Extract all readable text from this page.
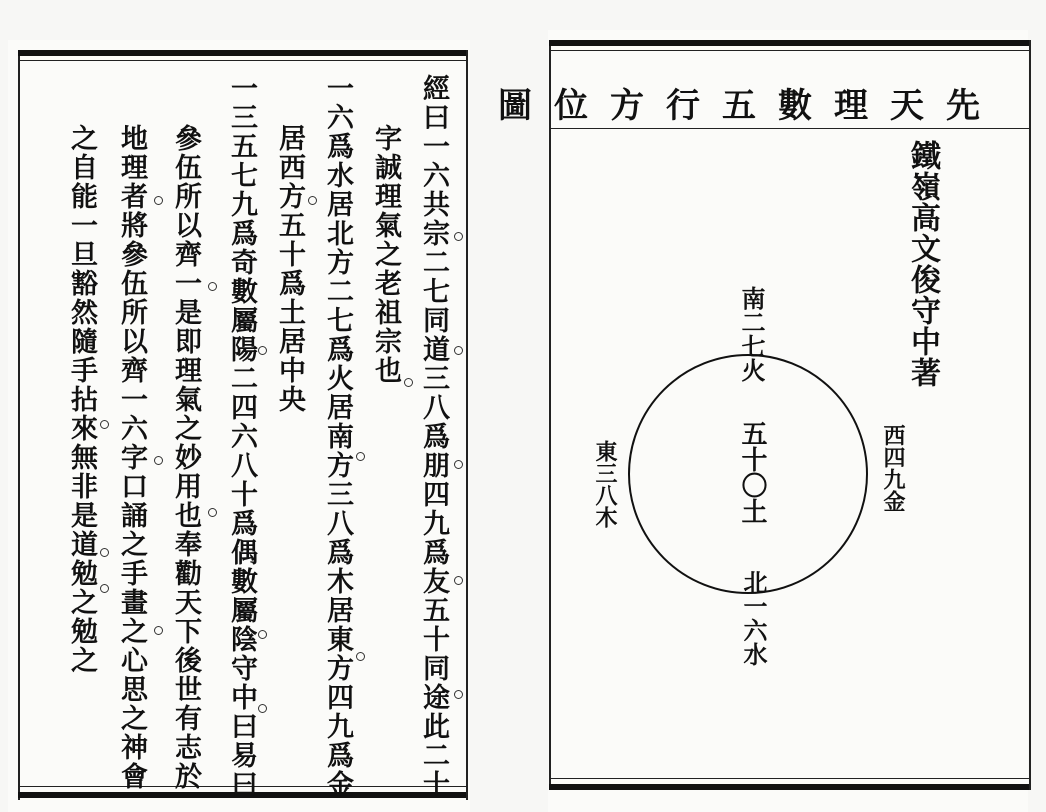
經曰一六共宗二七同道三八爲朋四九爲友五十同途此二十
字誠理氣之老祖宗也
一六爲水居北方二七爲火居南方三八爲木居東方四九爲金
居西方五十爲土居中央
一三五七九爲奇數屬陽二四六八十爲偶數屬陰守中曰易曰
參伍所以齊一是即理氣之妙用也奉勸天下後世有志於
地理者將參伍所以齊一六字口誦之手畫之心思之神會
之自能一旦豁然隨手拈來無非是道勉之勉之
先天理數五行方位圖
鐵嶺高文俊守中著
南二七火
五十〇土
東三八木	西四九金
北一六水
